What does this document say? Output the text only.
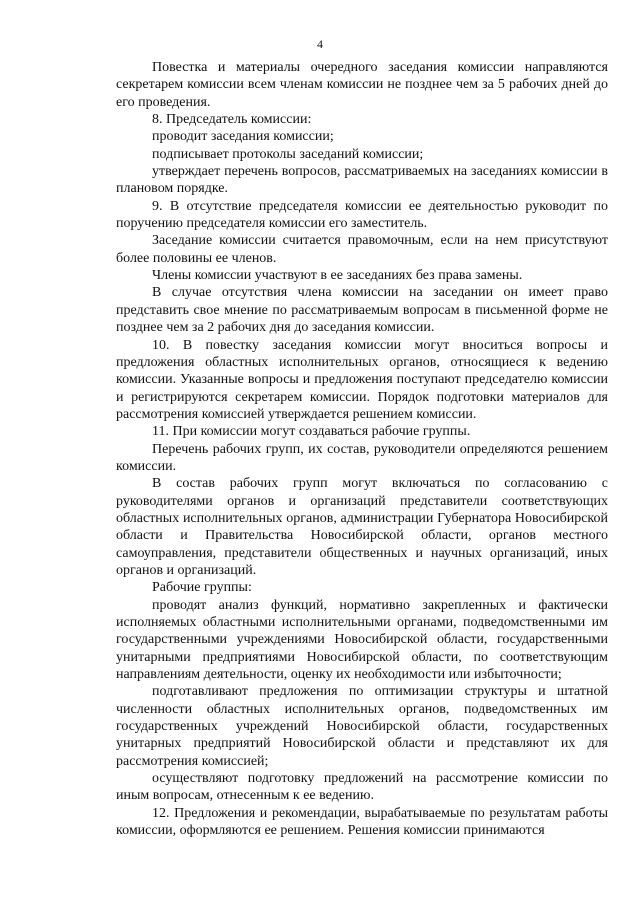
4

Повестка и материалы очередного заседания комиссии направляются секретарем комиссии всем членам комиссии не позднее чем за 5 рабочих дней до его проведения.

8. Председатель комиссии:

проводит заседания комиссии;

подписывает протоколы заседаний комиссии;

утверждает перечень вопросов, рассматриваемых на заседаниях комиссии в плановом порядке.

9. В отсутствие председателя комиссии ее деятельностью руководит по поручению председателя комиссии его заместитель.

Заседание комиссии считается правомочным, если на нем присутствуют более половины ее членов.

Члены комиссии участвуют в ее заседаниях без права замены.

В случае отсутствия члена комиссии на заседании он имеет право представить свое мнение по рассматриваемым вопросам в письменной форме не позднее чем за 2 рабочих дня до заседания комиссии.

10. В повестку заседания комиссии могут вноситься вопросы и предложения областных исполнительных органов, относящиеся к ведению комиссии. Указанные вопросы и предложения поступают председателю комиссии и регистрируются секретарем комиссии. Порядок подготовки материалов для рассмотрения комиссией утверждается решением комиссии.

11. При комиссии могут создаваться рабочие группы.

Перечень рабочих групп, их состав, руководители определяются решением комиссии.

В состав рабочих групп могут включаться по согласованию с руководителями органов и организаций представители соответствующих областных исполнительных органов, администрации Губернатора Новосибирской области и Правительства Новосибирской области, органов местного самоуправления, представители общественных и научных организаций, иных органов и организаций.

Рабочие группы:

проводят анализ функций, нормативно закрепленных и фактически исполняемых областными исполнительными органами, подведомственными им государственными учреждениями Новосибирской области, государственными унитарными предприятиями Новосибирской области, по соответствующим направлениям деятельности, оценку их необходимости или избыточности;

подготавливают предложения по оптимизации структуры и штатной численности областных исполнительных органов, подведомственных им государственных учреждений Новосибирской области, государственных унитарных предприятий Новосибирской области и представляют их для рассмотрения комиссией;

осуществляют подготовку предложений на рассмотрение комиссии по иным вопросам, отнесенным к ее ведению.

12. Предложения и рекомендации, вырабатываемые по результатам работы комиссии, оформляются ее решением. Решения комиссии принимаются
